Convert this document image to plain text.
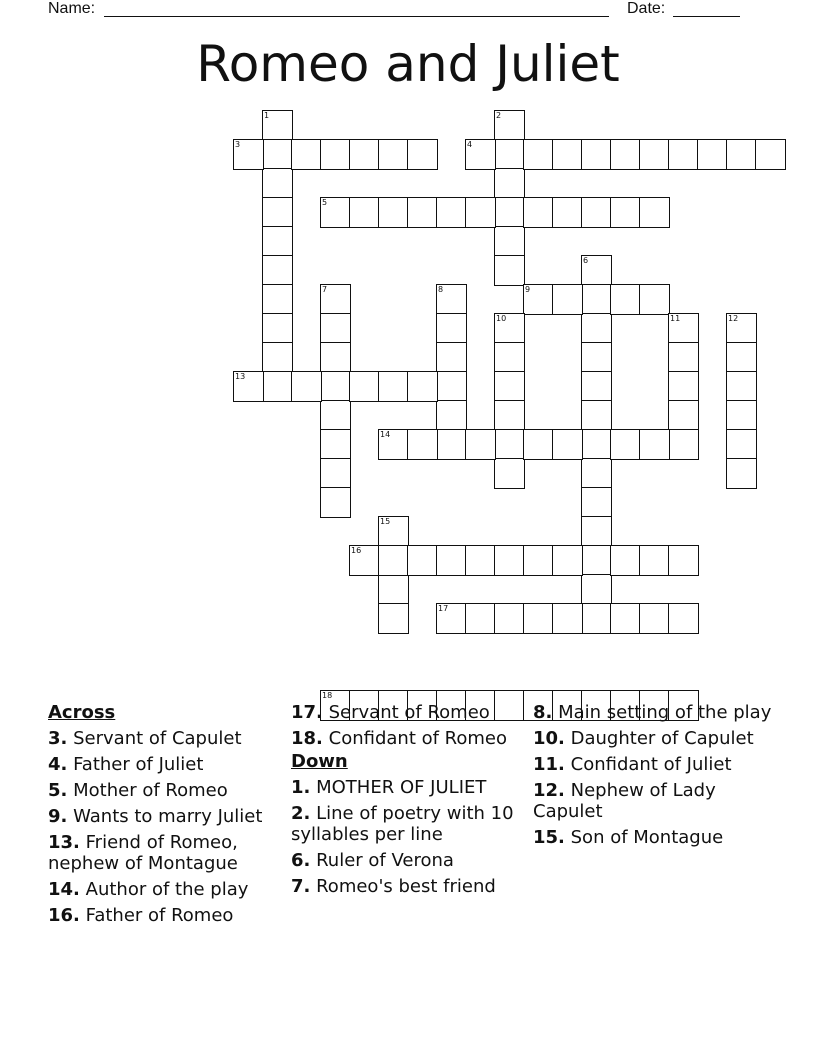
Name:	Date:
Romeo and Juliet
1	2
3	4
5
6
9
7	8
10	11	12
13
14
15
16
17
18
Across
3. Servant of Capulet
4. Father of Juliet
5. Mother of Romeo
9. Wants to marry Juliet
13. Friend of Romeo, nephew of Montague
14. Author of the play
16. Father of Romeo
17. Servant of Romeo
18. Confidant of Romeo
Down
1. MOTHER OF JULIET
2. Line of poetry with 10 syllables per line
6. Ruler of Verona
7. Romeo's best friend
8. Main setting of the play
10. Daughter of Capulet
11. Confidant of Juliet
12. Nephew of Lady Capulet
15. Son of Montague
